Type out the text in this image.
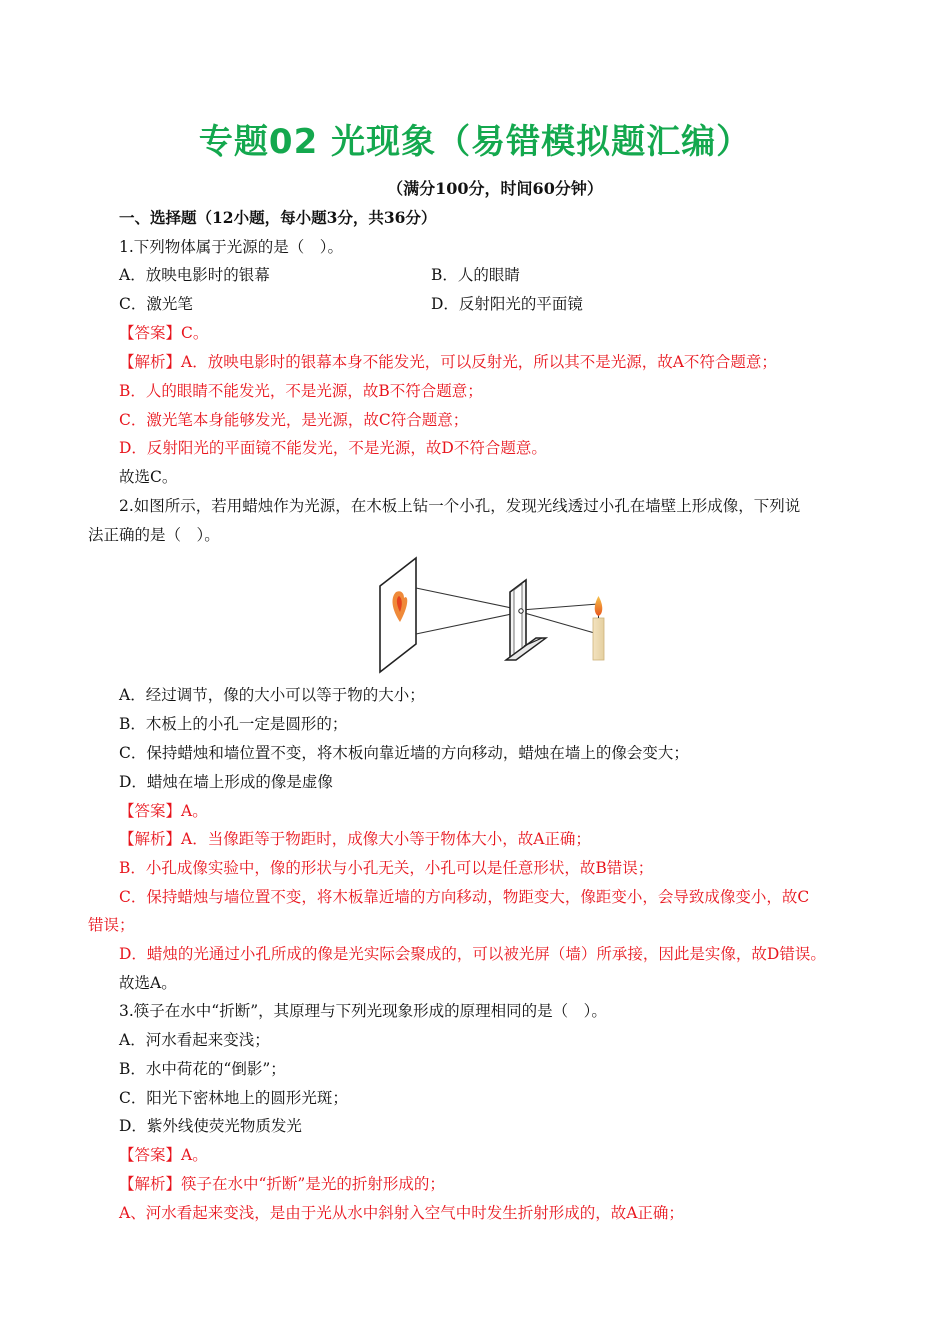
专题02 光现象（易错模拟题汇编）
（满分100分，时间60分钟）
一、选择题（12小题，每小题3分，共36分）
1.下列物体属于光源的是（　）。
A．放映电影时的银幕	B．人的眼睛
C．激光笔	D．反射阳光的平面镜
【答案】C。
【解析】A．放映电影时的银幕本身不能发光，可以反射光，所以其不是光源，故A不符合题意；
B．人的眼睛不能发光，不是光源，故B不符合题意；
C．激光笔本身能够发光，是光源，故C符合题意；
D．反射阳光的平面镜不能发光，不是光源，故D不符合题意。
故选C。
2.如图所示，若用蜡烛作为光源，在木板上钻一个小孔，发现光线透过小孔在墙壁上形成像，下列说
法正确的是（　）。
A．经过调节，像的大小可以等于物的大小；
B．木板上的小孔一定是圆形的；
C．保持蜡烛和墙位置不变，将木板向靠近墙的方向移动，蜡烛在墙上的像会变大；
D．蜡烛在墙上形成的像是虚像
【答案】A。
【解析】A．当像距等于物距时，成像大小等于物体大小，故A正确；
B．小孔成像实验中，像的形状与小孔无关，小孔可以是任意形状，故B错误；
C．保持蜡烛与墙位置不变，将木板靠近墙的方向移动，物距变大，像距变小，会导致成像变小，故C
错误；
D．蜡烛的光通过小孔所成的像是光实际会聚成的，可以被光屏（墙）所承接，因此是实像，故D错误。
故选A。
3.筷子在水中“折断”，其原理与下列光现象形成的原理相同的是（　）。
A．河水看起来变浅；
B．水中荷花的“倒影”；
C．阳光下密林地上的圆形光斑；
D．紫外线使荧光物质发光
【答案】A。
【解析】筷子在水中“折断”是光的折射形成的；
A、河水看起来变浅，是由于光从水中斜射入空气中时发生折射形成的，故A正确；
